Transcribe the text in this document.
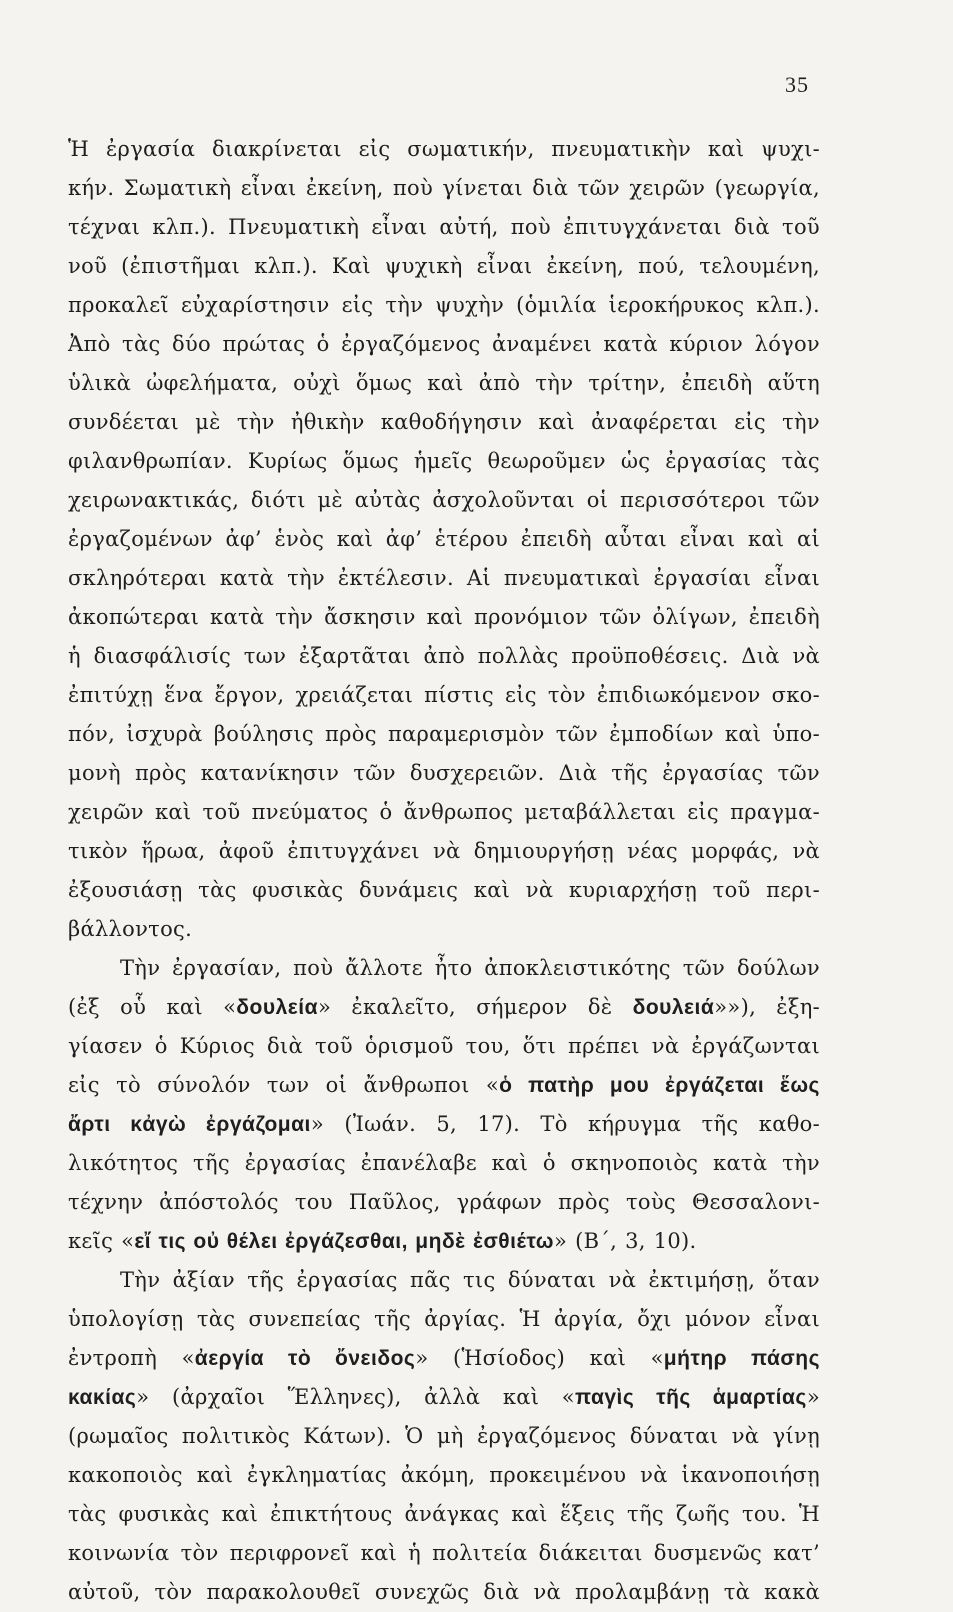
35
Ἡ ἐργασία διακρίνεται εἰς σωματικήν, πνευματικὴν καὶ ψυχι-
κήν. Σωματικὴ εἶναι ἐκείνη, ποὺ γίνεται διὰ τῶν χειρῶν (γεωργία,
τέχναι κλπ.). Πνευματικὴ εἶναι αὐτή, ποὺ ἐπιτυγχάνεται διὰ τοῦ
νοῦ (ἐπιστῆμαι κλπ.). Καὶ ψυχικὴ εἶναι ἐκείνη, πού, τελουμένη,
προκαλεῖ εὐχαρίστησιν εἰς τὴν ψυχὴν (ὁμιλία ἱεροκήρυκος κλπ.).
Ἀπὸ τὰς δύο πρώτας ὁ ἐργαζόμενος ἀναμένει κατὰ κύριον λόγον
ὑλικὰ ὠφελήματα, οὐχὶ ὅμως καὶ ἀπὸ τὴν τρίτην, ἐπειδὴ αὕτη
συνδέεται μὲ τὴν ἠθικὴν καθοδήγησιν καὶ ἀναφέρεται εἰς τὴν
φιλανθρωπίαν. Κυρίως ὅμως ἡμεῖς θεωροῦμεν ὡς ἐργασίας τὰς
χειρωνακτικάς, διότι μὲ αὐτὰς ἀσχολοῦνται οἱ περισσότεροι τῶν
ἐργαζομένων ἀφ’ ἑνὸς καὶ ἀφ’ ἑτέρου ἐπειδὴ αὗται εἶναι καὶ αἱ
σκληρότεραι κατὰ τὴν ἐκτέλεσιν. Αἱ πνευματικαὶ ἐργασίαι εἶναι
ἀκοπώτεραι κατὰ τὴν ἄσκησιν καὶ προνόμιον τῶν ὀλίγων, ἐπειδὴ
ἡ διασφάλισίς των ἐξαρτᾶται ἀπὸ πολλὰς προϋποθέσεις. Διὰ νὰ
ἐπιτύχῃ ἕνα ἔργον, χρειάζεται πίστις εἰς τὸν ἐπιδιωκόμενον σκο-
πόν, ἰσχυρὰ βούλησις πρὸς παραμερισμὸν τῶν ἐμποδίων καὶ ὑπο-
μονὴ πρὸς κατανίκησιν τῶν δυσχερειῶν. Διὰ τῆς ἐργασίας τῶν
χειρῶν καὶ τοῦ πνεύματος ὁ ἄνθρωπος μεταβάλλεται εἰς πραγμα-
τικὸν ἥρωα, ἀφοῦ ἐπιτυγχάνει νὰ δημιουργήσῃ νέας μορφάς, νὰ
ἐξουσιάσῃ τὰς φυσικὰς δυνάμεις καὶ νὰ κυριαρχήσῃ τοῦ περι-
βάλλοντος.
Τὴν ἐργασίαν, ποὺ ἄλλοτε ἦτο ἀποκλειστικότης τῶν δούλων
(ἐξ οὗ καὶ «δουλεία» ἐκαλεῖτο, σήμερον δὲ δουλειά»»), ἐξη-
γίασεν ὁ Κύριος διὰ τοῦ ὁρισμοῦ του, ὅτι πρέπει νὰ ἐργάζωνται
εἰς τὸ σύνολόν των οἱ ἄνθρωποι «ὁ πατὴρ μου ἐργάζεται ἕως
ἄρτι κἀγὼ ἐργάζομαι» (Ἰωάν. 5, 17). Τὸ κήρυγμα τῆς καθο-
λικότητος τῆς ἐργασίας ἐπανέλαβε καὶ ὁ σκηνοποιὸς κατὰ τὴν
τέχνην ἀπόστολός του Παῦλος, γράφων πρὸς τοὺς Θεσσαλονι-
κεῖς «εἴ τις οὐ θέλει ἐργάζεσθαι, μηδὲ ἐσθιέτω» (Β΄, 3, 10).
Τὴν ἀξίαν τῆς ἐργασίας πᾶς τις δύναται νὰ ἐκτιμήσῃ, ὅταν
ὑπολογίσῃ τὰς συνεπείας τῆς ἀργίας. Ἡ ἀργία, ὄχι μόνον εἶναι
ἐντροπὴ «ἀεργία τὸ ὄνειδος» (Ἡσίοδος) καὶ «μήτηρ πάσης
κακίας» (ἀρχαῖοι Ἕλληνες), ἀλλὰ καὶ «παγὶς τῆς ἁμαρτίας»
(ρωμαῖος πολιτικὸς Κάτων). Ὁ μὴ ἐργαζόμενος δύναται νὰ γίνῃ
κακοποιὸς καὶ ἐγκληματίας ἀκόμη, προκειμένου νὰ ἱκανοποιήσῃ
τὰς φυσικὰς καὶ ἐπικτήτους ἀνάγκας καὶ ἕξεις τῆς ζωῆς του. Ἡ
κοινωνία τὸν περιφρονεῖ καὶ ἡ πολιτεία διάκειται δυσμενῶς κατ’
αὐτοῦ, τὸν παρακολουθεῖ συνεχῶς διὰ νὰ προλαμβάνῃ τὰ κακὰ
